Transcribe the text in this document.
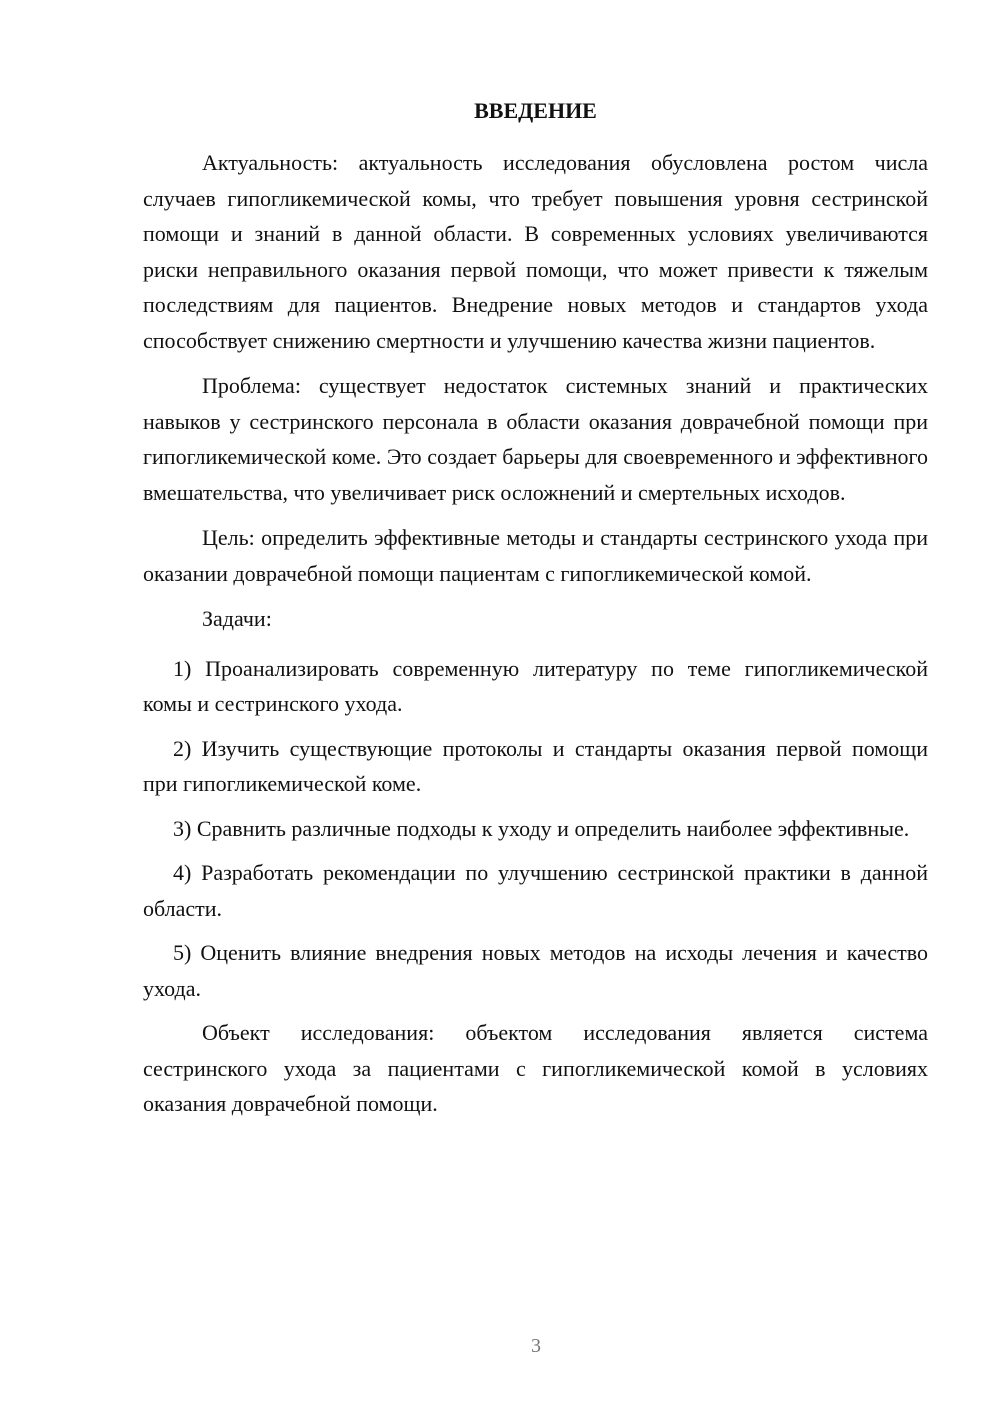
ВВЕДЕНИЕ

Актуальность: актуальность исследования обусловлена ростом числа случаев гипогликемической комы, что требует повышения уровня сестринской помощи и знаний в данной области. В современных условиях увеличиваются риски неправильного оказания первой помощи, что может привести к тяжелым последствиям для пациентов. Внедрение новых методов и стандартов ухода способствует снижению смертности и улучшению качества жизни пациентов.

Проблема: существует недостаток системных знаний и практических навыков у сестринского персонала в области оказания доврачебной помощи при гипогликемической коме. Это создает барьеры для своевременного и эффективного вмешательства, что увеличивает риск осложнений и смертельных исходов.

Цель: определить эффективные методы и стандарты сестринского ухода при оказании доврачебной помощи пациентам с гипогликемической комой.

Задачи:

1) Проанализировать современную литературу по теме гипогликемической комы и сестринского ухода.

2) Изучить существующие протоколы и стандарты оказания первой помощи при гипогликемической коме.

3) Сравнить различные подходы к уходу и определить наиболее эффективные.

4) Разработать рекомендации по улучшению сестринской практики в данной области.

5) Оценить влияние внедрения новых методов на исходы лечения и качество ухода.

Объект исследования: объектом исследования является система сестринского ухода за пациентами с гипогликемической комой в условиях оказания доврачебной помощи.

3
